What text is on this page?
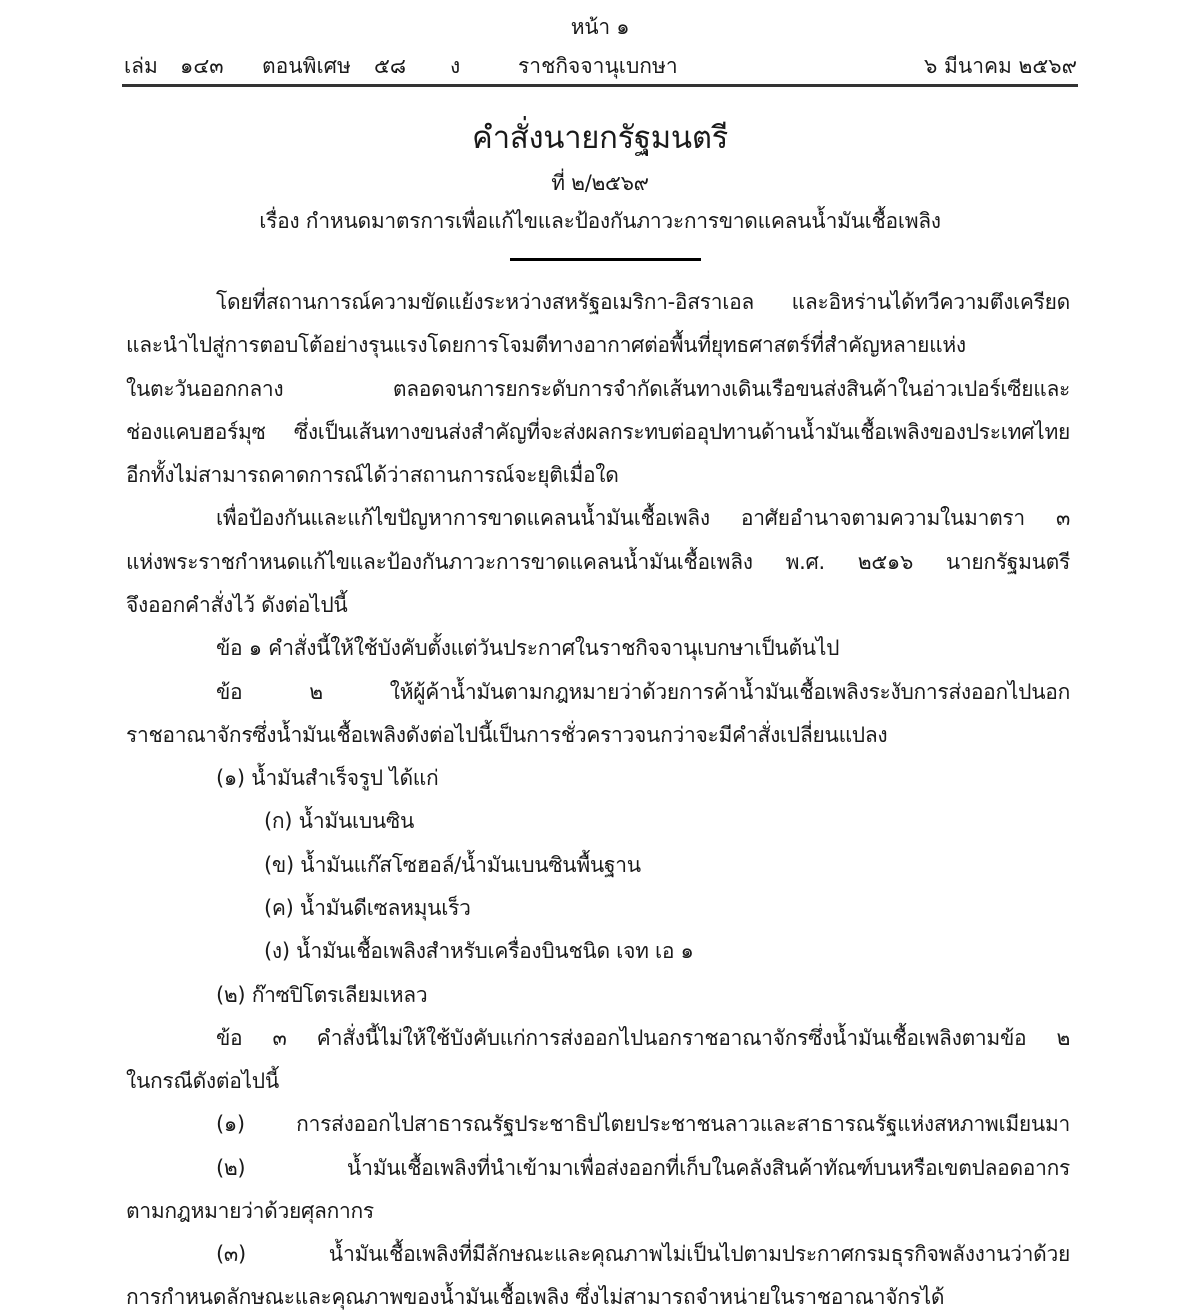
หน้า ๑
เล่ม ๑๔๓ ตอนพิเศษ ๕๘ ง	ราชกิจจานุเบกษา	๖ มีนาคม ๒๕๖๙
คำสั่งนายกรัฐมนตรี
ที่ ๒/๒๕๖๙
เรื่อง กำหนดมาตรการเพื่อแก้ไขและป้องกันภาวะการขาดแคลนน้ำมันเชื้อเพลิง
โดยที่สถานการณ์ความขัดแย้งระหว่างสหรัฐอเมริกา-อิสราเอล และอิหร่านได้ทวีความตึงเครียด
และนำไปสู่การตอบโต้อย่างรุนแรงโดยการโจมตีทางอากาศต่อพื้นที่ยุทธศาสตร์ที่สำคัญหลายแห่ง
ในตะวันออกกลาง ตลอดจนการยกระดับการจำกัดเส้นทางเดินเรือขนส่งสินค้าในอ่าวเปอร์เซียและ
ช่องแคบฮอร์มุซ ซึ่งเป็นเส้นทางขนส่งสำคัญที่จะส่งผลกระทบต่ออุปทานด้านน้ำมันเชื้อเพลิงของประเทศไทย
อีกทั้งไม่สามารถคาดการณ์ได้ว่าสถานการณ์จะยุติเมื่อใด
เพื่อป้องกันและแก้ไขปัญหาการขาดแคลนน้ำมันเชื้อเพลิง อาศัยอำนาจตามความในมาตรา ๓
แห่งพระราชกำหนดแก้ไขและป้องกันภาวะการขาดแคลนน้ำมันเชื้อเพลิง พ.ศ. ๒๕๑๖ นายกรัฐมนตรี
จึงออกคำสั่งไว้ ดังต่อไปนี้
ข้อ ๑ คำสั่งนี้ให้ใช้บังคับตั้งแต่วันประกาศในราชกิจจานุเบกษาเป็นต้นไป
ข้อ ๒ ให้ผู้ค้าน้ำมันตามกฎหมายว่าด้วยการค้าน้ำมันเชื้อเพลิงระงับการส่งออกไปนอก
ราชอาณาจักรซึ่งน้ำมันเชื้อเพลิงดังต่อไปนี้เป็นการชั่วคราวจนกว่าจะมีคำสั่งเปลี่ยนแปลง
(๑) น้ำมันสำเร็จรูป ได้แก่
(ก) น้ำมันเบนซิน
(ข) น้ำมันแก๊สโซฮอล์/น้ำมันเบนซินพื้นฐาน
(ค) น้ำมันดีเซลหมุนเร็ว
(ง) น้ำมันเชื้อเพลิงสำหรับเครื่องบินชนิด เจท เอ ๑
(๒) ก๊าซปิโตรเลียมเหลว
ข้อ ๓ คำสั่งนี้ไม่ให้ใช้บังคับแก่การส่งออกไปนอกราชอาณาจักรซึ่งน้ำมันเชื้อเพลิงตามข้อ ๒
ในกรณีดังต่อไปนี้
(๑) การส่งออกไปสาธารณรัฐประชาธิปไตยประชาชนลาวและสาธารณรัฐแห่งสหภาพเมียนมา
(๒) น้ำมันเชื้อเพลิงที่นำเข้ามาเพื่อส่งออกที่เก็บในคลังสินค้าทัณฑ์บนหรือเขตปลอดอากร
ตามกฎหมายว่าด้วยศุลกากร
(๓) น้ำมันเชื้อเพลิงที่มีลักษณะและคุณภาพไม่เป็นไปตามประกาศกรมธุรกิจพลังงานว่าด้วย
การกำหนดลักษณะและคุณภาพของน้ำมันเชื้อเพลิง ซึ่งไม่สามารถจำหน่ายในราชอาณาจักรได้
